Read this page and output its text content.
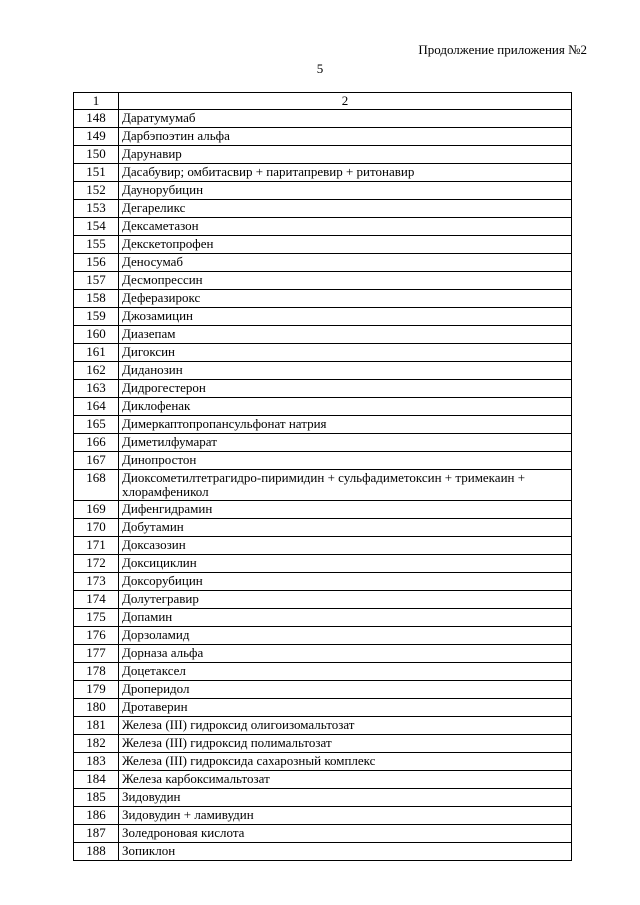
Продолжение приложения №2
5
1	2
148	Даратумумаб
149	Дарбэпоэтин альфа
150	Дарунавир
151	Дасабувир; омбитасвир + паритапревир + ритонавир
152	Даунорубицин
153	Дегареликс
154	Дексаметазон
155	Декскетопрофен
156	Деносумаб
157	Десмопрессин
158	Деферазирокс
159	Джозамицин
160	Диазепам
161	Дигоксин
162	Диданозин
163	Дидрогестерон
164	Диклофенак
165	Димеркаптопропансульфонат натрия
166	Диметилфумарат
167	Динопростон
168	Диоксометилтетрагидро-пиримидин + сульфадиметоксин + тримекаин + хлорамфеникол
169	Дифенгидрамин
170	Добутамин
171	Доксазозин
172	Доксициклин
173	Доксорубицин
174	Долутегравир
175	Допамин
176	Дорзоламид
177	Дорназа альфа
178	Доцетаксел
179	Дроперидол
180	Дротаверин
181	Железа (III) гидроксид олигоизомальтозат
182	Железа (III) гидроксид полимальтозат
183	Железа (III) гидроксида сахарозный комплекс
184	Железа карбоксимальтозат
185	Зидовудин
186	Зидовудин + ламивудин
187	Золедроновая кислота
188	Зопиклон
